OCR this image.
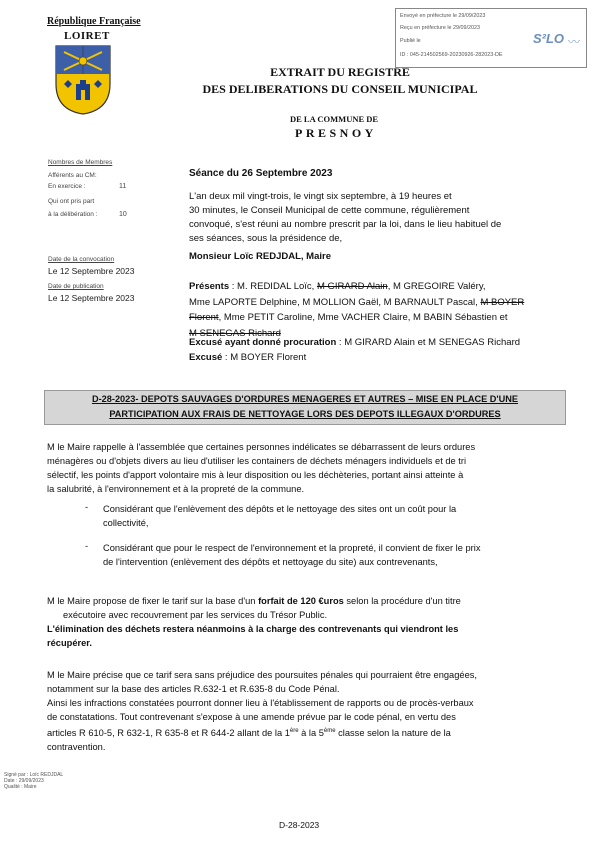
République Française
LOIRET
Envoyé en préfecture le 29/09/2023
Reçu en préfecture le 29/09/2023
Publié le
ID : 045-214502569-20230926-282023-DE
S²LO 〰
EXTRAIT DU REGISTRE
DES DELIBERATIONS DU CONSEIL MUNICIPAL
DE LA COMMUNE DE
PRESNOY
Nombres de Membres
Afférents au CM:
En exercice :	11
Qui ont pris part
à la délibération :	10
Date de la convocation
Le 12 Septembre 2023
Date de publication
Le 12 Septembre 2023
Séance du 26 Septembre 2023
L'an deux mil vingt-trois, le vingt six septembre, à 19 heures et
30 minutes, le Conseil Municipal de cette commune, régulièrement
convoqué, s'est réuni au nombre prescrit par la loi, dans le lieu habituel de
ses séances, sous la présidence de,
Monsieur Loïc REDJDAL, Maire
Présents : M. REDIDAL Loïc, M GIRARD Alain, M GREGOIRE Valéry,
Mme LAPORTE Delphine, M MOLLION Gaël, M BARNAULT Pascal, M BOYER
Florent, Mme PETIT Caroline, Mme VACHER Claire, M BABIN Sébastien et
M SENEGAS Richard
Excusé ayant donné procuration : M GIRARD Alain et M SENEGAS Richard
Excusé : M BOYER Florent
D-28-2023- DEPOTS SAUVAGES D'ORDURES MENAGERES ET AUTRES – MISE EN PLACE D'UNE
PARTICIPATION AUX FRAIS DE NETTOYAGE LORS DES DEPOTS ILLEGAUX D'ORDURES
M le Maire rappelle à l'assemblée que certaines personnes indélicates se débarrassent de leurs ordures
ménagères ou d'objets divers au lieu d'utiliser les containers de déchets ménagers individuels et de tri
sélectif, les points d'apport volontaire mis à leur disposition ou les déchèteries, portant ainsi atteinte à
la salubrité, à l'environnement et à la propreté de la commune.
- Considérant que l'enlèvement des dépôts et le nettoyage des sites ont un coût pour la
collectivité,
- Considérant que pour le respect de l'environnement et la propreté, il convient de fixer le prix
de l'intervention (enlèvement des dépôts et nettoyage du site) aux contrevenants,
M le Maire propose de fixer le tarif sur la base d'un forfait de 120 €uros selon la procédure d'un titre
exécutoire avec recouvrement par les services du Trésor Public.
L'élimination des déchets restera néanmoins à la charge des contrevenants qui viendront les
récupérer.
M le Maire précise que ce tarif sera sans préjudice des poursuites pénales qui pourraient être engagées,
notamment sur la base des articles R.632-1 et R.635-8 du Code Pénal.
Ainsi les infractions constatées pourront donner lieu à l'établissement de rapports ou de procès-verbaux
de constatations. Tout contrevenant s'expose à une amende prévue par le code pénal, en vertu des
articles R 610-5, R 632-1, R 635-8 et R 644-2 allant de la 1ère à la 5ème classe selon la nature de la
contravention.
Signé par : Loïc REDJDAL
Date : 29/09/2023
Qualité : Maire
D-28-2023
